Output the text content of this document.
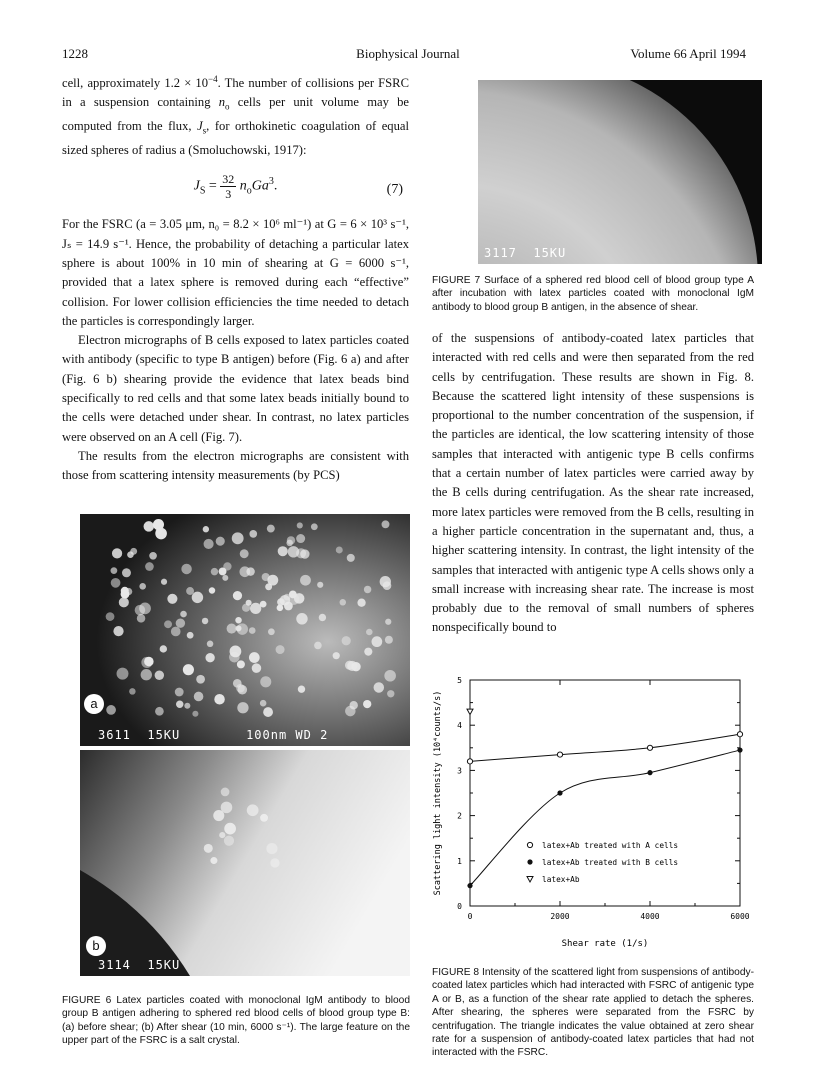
1228	Biophysical Journal	Volume 66 April 1994

cell, approximately $1.2 \times 10^{-4}$. The number of collisions per FSRC in a suspension containing $n_o$ cells per unit volume may be computed from the flux, $J_s$, for orthokinetic coagulation of equal sized spheres of radius a (Smoluchowski, 1917):

$J_S = \frac{32}{3} n_oGa^3$.	(7)

For the FSRC (a = 3.05 μm, n₀ = 8.2 × 10⁶ ml⁻¹) at G = 6 × 10³ s⁻¹, Jₛ = 14.9 s⁻¹. Hence, the probability of detaching a particular latex sphere is about 100% in 10 min of shearing at G = 6000 s⁻¹, provided that a latex sphere is removed during each “effective” collision. For lower collision efficiencies the time needed to detach the particles is correspondingly larger.

Electron micrographs of B cells exposed to latex particles coated with antibody (specific to type B antigen) before (Fig. 6 a) and after (Fig. 6 b) shearing provide the evidence that latex beads bind specifically to red cells and that some latex beads initially bound to the cells were detached under shear. In contrast, no latex particles were observed on an A cell (Fig. 7).

The results from the electron micrographs are consistent with those from scattering intensity measurements (by PCS)

a
3611 15KU	100nm WD 2
b
3114 15KU
FIGURE 6 Latex particles coated with monoclonal IgM antibody to blood group B antigen adhering to sphered red blood cells of blood group type B: (a) before shear; (b) After shear (10 min, 6000 s⁻¹). The large feature on the upper part of the FSRC is a salt crystal.
3117 15KU
FIGURE 7 Surface of a sphered red blood cell of blood group type A after incubation with latex particles coated with monoclonal IgM antibody to blood group B antigen, in the absence of shear.

of the suspensions of antibody-coated latex particles that interacted with red cells and were then separated from the red cells by centrifugation. These results are shown in Fig. 8. Because the scattered light intensity of these suspensions is proportional to the number concentration of the suspension, if the particles are identical, the low scattering intensity of those samples that interacted with antigenic type B cells confirms that a certain number of latex particles were carried away by the B cells during centrifugation. As the shear rate increased, more latex particles were removed from the B cells, resulting in a higher particle concentration in the supernatant and, thus, a higher scattering intensity. In contrast, the light intensity of the samples that interacted with antigenic type A cells shows only a small increase with increasing shear rate. The increase is most probably due to the removal of small numbers of spheres nonspecifically bound to

0
1
2
3
4
5
0	2000	4000	6000
Shear rate (1/s)
Scattering light intensity (10⁴counts/s)	latex+Ab treated with A cells
latex+Ab treated with B cells
latex+Ab
FIGURE 8 Intensity of the scattered light from suspensions of antibody-coated latex particles which had interacted with FSRC of antigenic type A or B, as a function of the shear rate applied to detach the spheres. After shearing, the spheres were separated from the FSRC by centrifugation. The triangle indicates the value obtained at zero shear rate for a suspension of antibody-coated latex particles that had not interacted with the FSRC.
